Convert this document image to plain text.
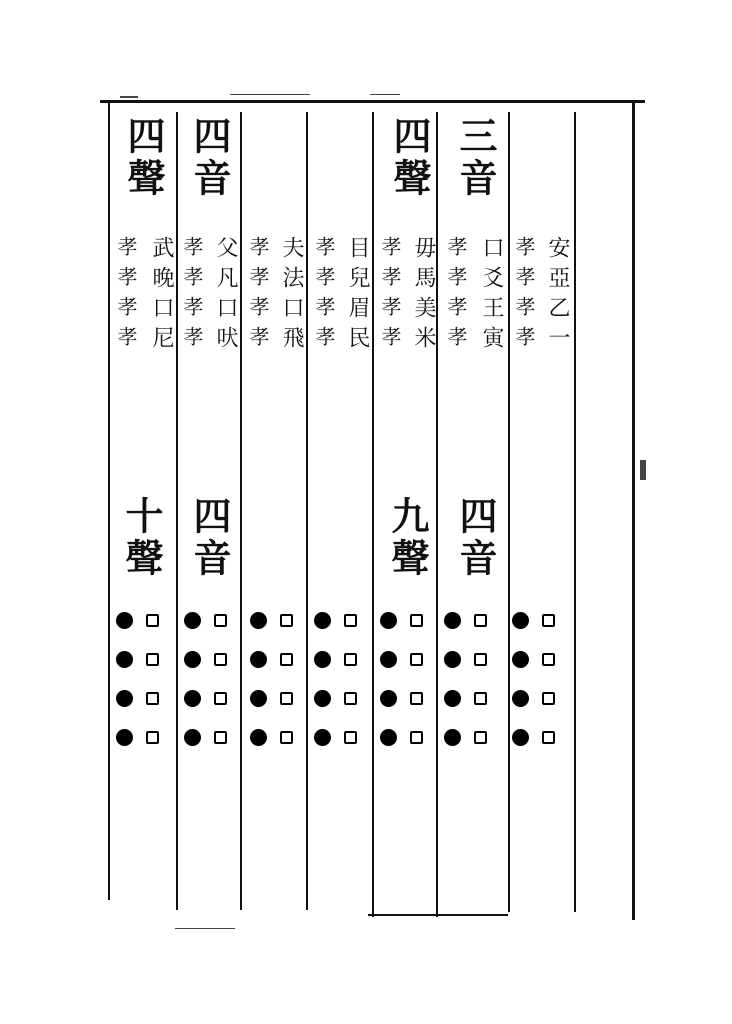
四聲
武晚口尼
孝孝孝孝
十聲
四音
父凡口吠
孝孝孝孝
四音
夫法口飛
孝孝孝孝	目兒眉民
孝孝孝孝
四聲
毋馬美米
孝孝孝孝
九聲
三音
口爻王寅
孝孝孝孝
四音
安亞乙一
孝孝孝孝
